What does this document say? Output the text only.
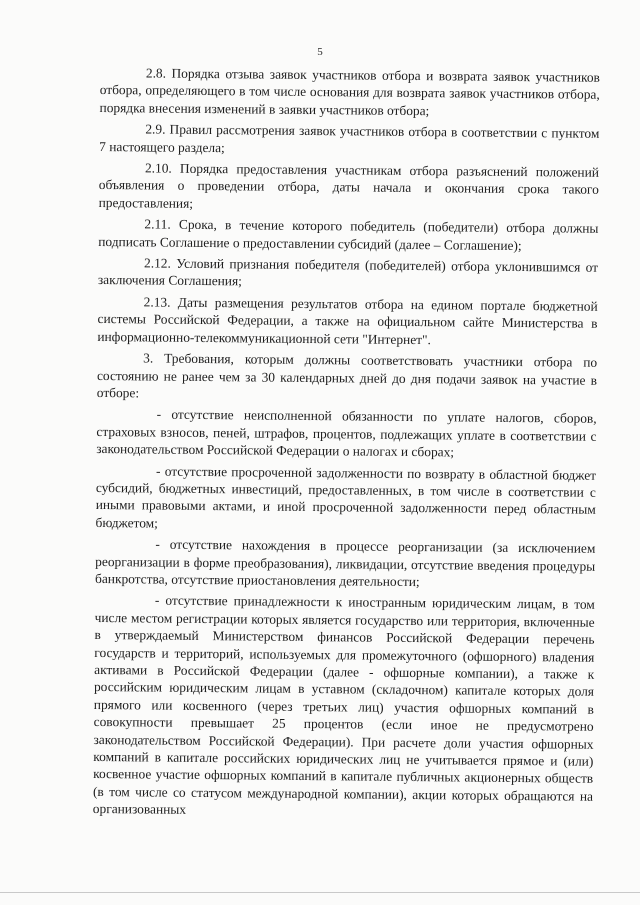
5

2.8. Порядка отзыва заявок участников отбора и возврата заявок участников отбора, определяющего в том числе основания для возврата заявок участников отбора, порядка внесения изменений в заявки участников отбора;

2.9. Правил рассмотрения заявок участников отбора в соответствии с пунктом 7 настоящего раздела;

2.10. Порядка предоставления участникам отбора разъяснений положений объявления о проведении отбора, даты начала и окончания срока такого предоставления;

2.11. Срока, в течение которого победитель (победители) отбора должны подписать Соглашение о предоставлении субсидий (далее – Соглашение);

2.12. Условий признания победителя (победителей) отбора уклонившимся от заключения Соглашения;

2.13. Даты размещения результатов отбора на едином портале бюджетной системы Российской Федерации, а также на официальном сайте Министерства в информационно-телекоммуникационной сети "Интернет".

3. Требования, которым должны соответствовать участники отбора по состоянию не ранее чем за 30 календарных дней до дня подачи заявок на участие в отборе:

- отсутствие неисполненной обязанности по уплате налогов, сборов, страховых взносов, пеней, штрафов, процентов, подлежащих уплате в соответствии с законодательством Российской Федерации о налогах и сборах;

- отсутствие просроченной задолженности по возврату в областной бюджет субсидий, бюджетных инвестиций, предоставленных, в том числе в соответствии с иными правовыми актами, и иной просроченной задолженности перед областным бюджетом;

- отсутствие нахождения в процессе реорганизации (за исключением реорганизации в форме преобразования), ликвидации, отсутствие введения процедуры банкротства, отсутствие приостановления деятельности;

- отсутствие принадлежности к иностранным юридическим лицам, в том числе местом регистрации которых является государство или территория, включенные в утверждаемый Министерством финансов Российской Федерации перечень государств и территорий, используемых для промежуточного (офшорного) владения активами в Российской Федерации (далее - офшорные компании), а также к российским юридическим лицам в уставном (складочном) капитале которых доля прямого или косвенного (через третьих лиц) участия офшорных компаний в совокупности превышает 25 процентов (если иное не предусмотрено законодательством Российской Федерации). При расчете доли участия офшорных компаний в капитале российских юридических лиц не учитывается прямое и (или) косвенное участие офшорных компаний в капитале публичных акционерных обществ (в том числе со статусом международной компании), акции которых обращаются на организованных
